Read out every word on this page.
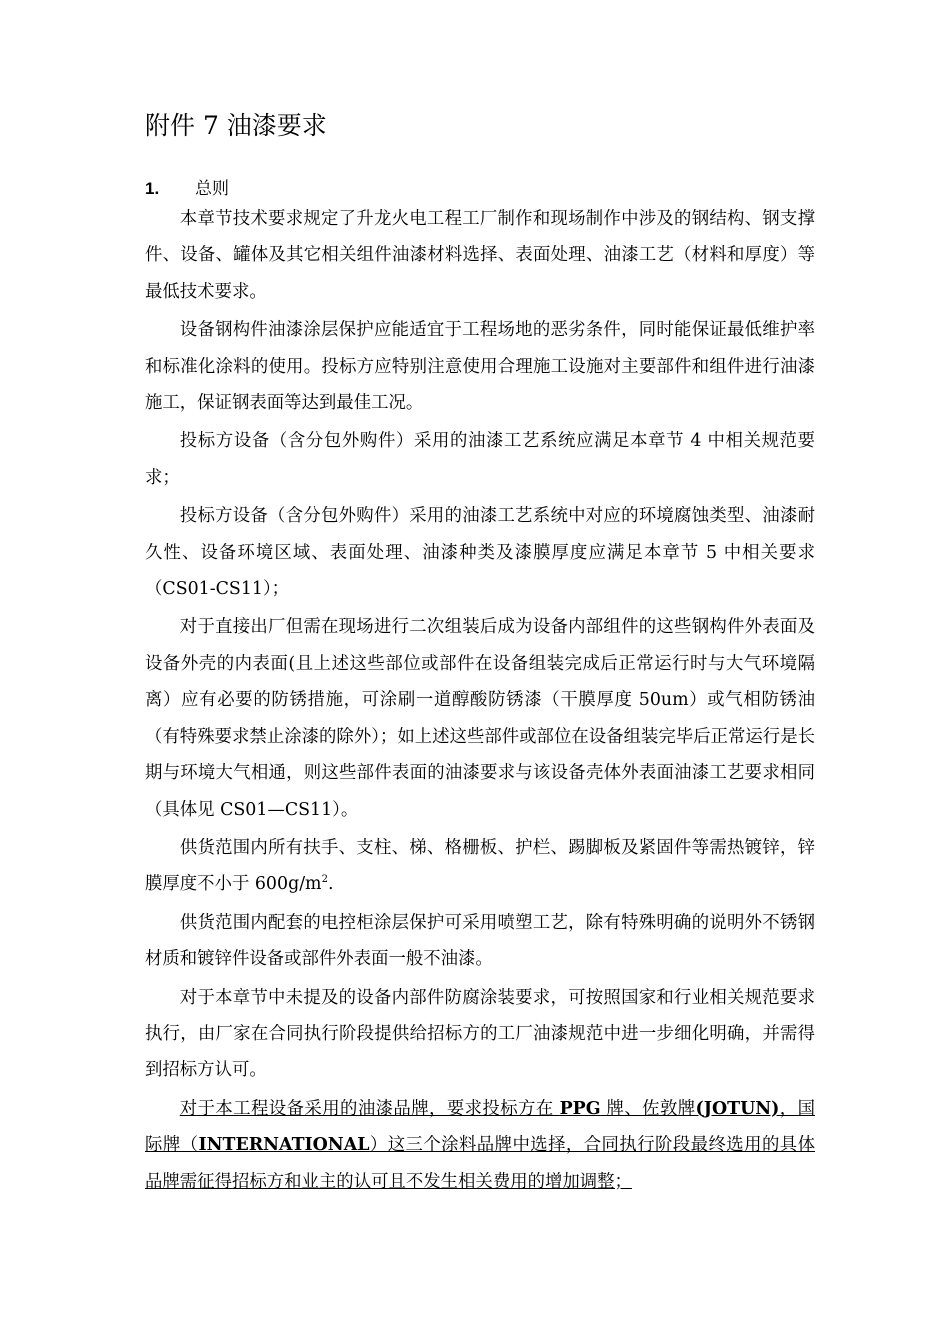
附件 7 油漆要求
1. 总则

本章节技术要求规定了升龙火电工程工厂制作和现场制作中涉及的钢结构、钢支撑件、设备、罐体及其它相关组件油漆材料选择、表面处理、油漆工艺（材料和厚度）等最低技术要求。

设备钢构件油漆涂层保护应能适宜于工程场地的恶劣条件，同时能保证最低维护率和标准化涂料的使用。投标方应特别注意使用合理施工设施对主要部件和组件进行油漆施工，保证钢表面等达到最佳工况。

投标方设备（含分包外购件）采用的油漆工艺系统应满足本章节 4 中相关规范要求；

投标方设备（含分包外购件）采用的油漆工艺系统中对应的环境腐蚀类型、油漆耐久性、设备环境区域、表面处理、油漆种类及漆膜厚度应满足本章节 5 中相关要求（CS01-CS11）；

对于直接出厂但需在现场进行二次组装后成为设备内部组件的这些钢构件外表面及设备外壳的内表面(且上述这些部位或部件在设备组装完成后正常运行时与大气环境隔离）应有必要的防锈措施，可涂刷一道醇酸防锈漆（干膜厚度 50um）或气相防锈油（有特殊要求禁止涂漆的除外）；如上述这些部件或部位在设备组装完毕后正常运行是长期与环境大气相通，则这些部件表面的油漆要求与该设备壳体外表面油漆工艺要求相同（具体见 CS01—CS11）。

供货范围内所有扶手、支柱、梯、格栅板、护栏、踢脚板及紧固件等需热镀锌，锌膜厚度不小于 $600g/m^2$.

供货范围内配套的电控柜涂层保护可采用喷塑工艺，除有特殊明确的说明外不锈钢材质和镀锌件设备或部件外表面一般不油漆。

对于本章节中未提及的设备内部件防腐涂装要求，可按照国家和行业相关规范要求执行，由厂家在合同执行阶段提供给招标方的工厂油漆规范中进一步细化明确，并需得到招标方认可。

对于本工程设备采用的油漆品牌，要求投标方在 PPG 牌、佐敦牌(JOTUN)，国际牌（INTERNATIONAL）这三个涂料品牌中选择，合同执行阶段最终选用的具体品牌需征得招标方和业主的认可且不发生相关费用的增加调整；
